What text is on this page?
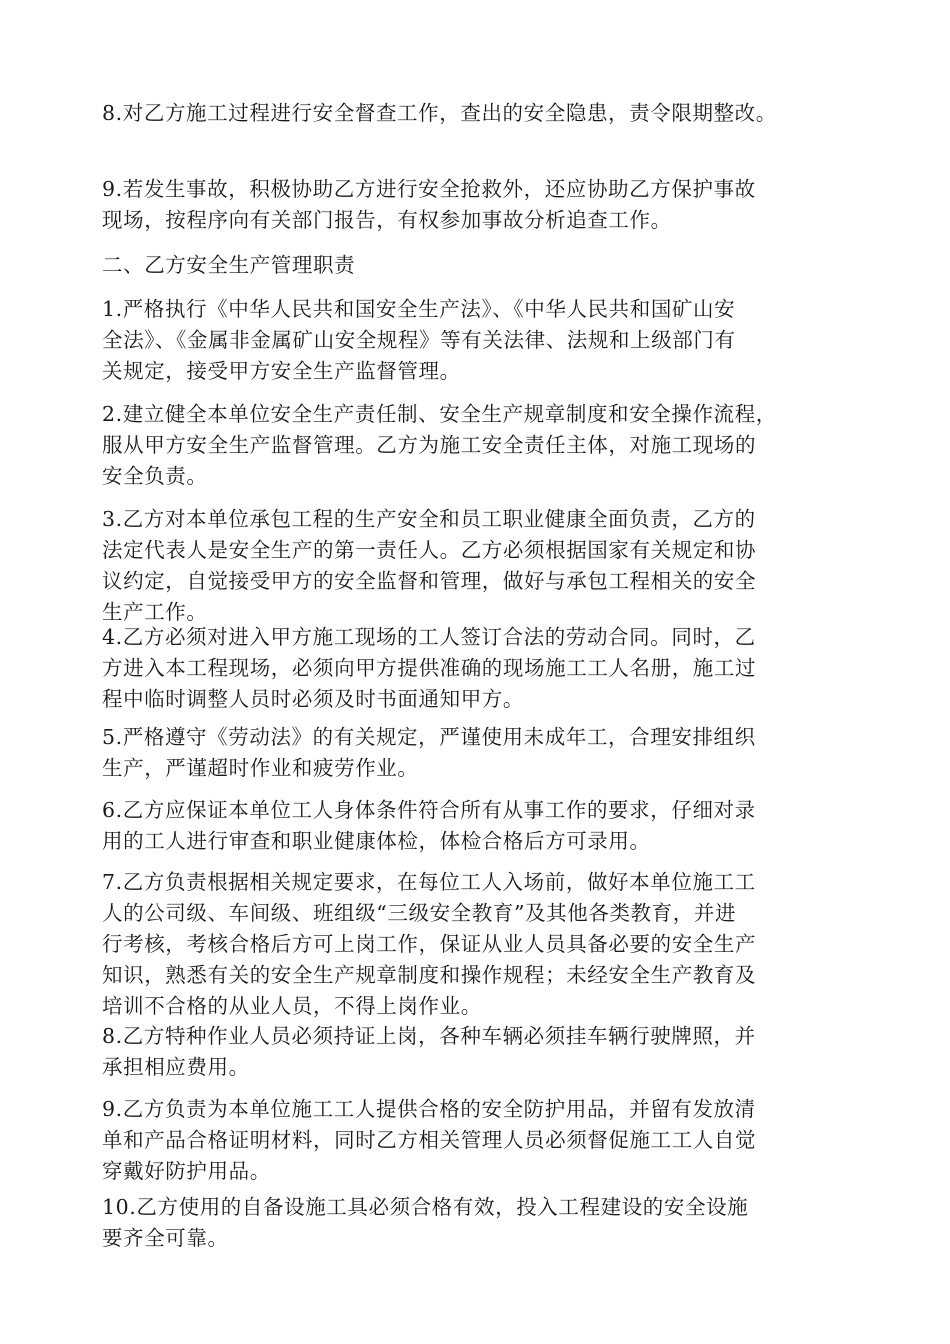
8.对乙方施工过程进行安全督查工作，查出的安全隐患，责令限期整改。

9.若发生事故，积极协助乙方进行安全抢救外，还应协助乙方保护事故
现场，按程序向有关部门报告，有权参加事故分析追查工作。

二、乙方安全生产管理职责

1.严格执行《中华人民共和国安全生产法》、《中华人民共和国矿山安
全法》、《金属非金属矿山安全规程》等有关法律、法规和上级部门有
关规定，接受甲方安全生产监督管理。

2.建立健全本单位安全生产责任制、安全生产规章制度和安全操作流程，
服从甲方安全生产监督管理。乙方为施工安全责任主体，对施工现场的
安全负责。

3.乙方对本单位承包工程的生产安全和员工职业健康全面负责，乙方的
法定代表人是安全生产的第一责任人。乙方必须根据国家有关规定和协
议约定，自觉接受甲方的安全监督和管理，做好与承包工程相关的安全
生产工作。

4.乙方必须对进入甲方施工现场的工人签订合法的劳动合同。同时，乙
方进入本工程现场，必须向甲方提供准确的现场施工工人名册，施工过
程中临时调整人员时必须及时书面通知甲方。

5.严格遵守《劳动法》的有关规定，严谨使用未成年工，合理安排组织
生产，严谨超时作业和疲劳作业。

6.乙方应保证本单位工人身体条件符合所有从事工作的要求，仔细对录
用的工人进行审查和职业健康体检，体检合格后方可录用。

7.乙方负责根据相关规定要求，在每位工人入场前，做好本单位施工工
人的公司级、车间级、班组级“三级安全教育”及其他各类教育，并进
行考核，考核合格后方可上岗工作，保证从业人员具备必要的安全生产
知识，熟悉有关的安全生产规章制度和操作规程；未经安全生产教育及
培训不合格的从业人员，不得上岗作业。

8.乙方特种作业人员必须持证上岗，各种车辆必须挂车辆行驶牌照，并
承担相应费用。

9.乙方负责为本单位施工工人提供合格的安全防护用品，并留有发放清
单和产品合格证明材料，同时乙方相关管理人员必须督促施工工人自觉
穿戴好防护用品。

10.乙方使用的自备设施工具必须合格有效，投入工程建设的安全设施
要齐全可靠。
